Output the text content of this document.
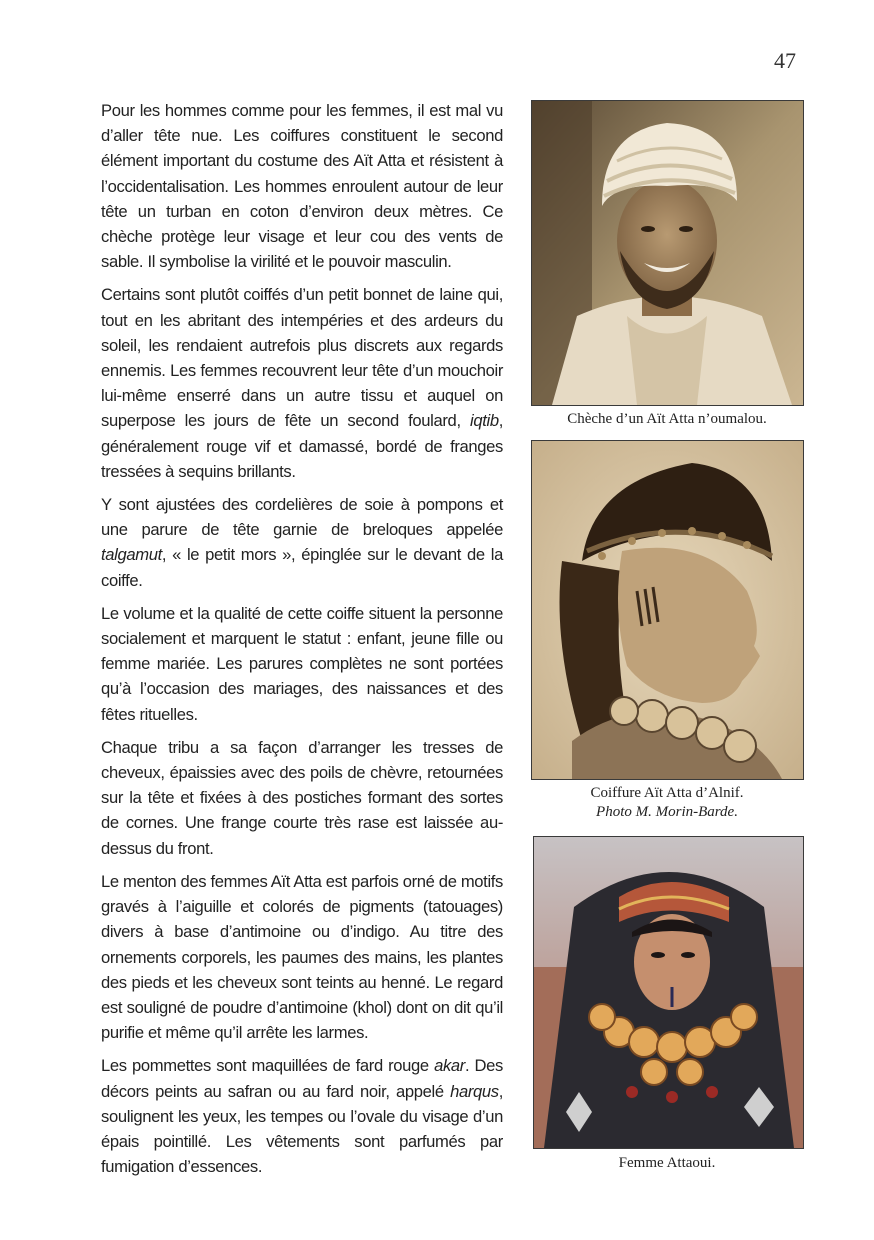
47

Pour les hommes comme pour les femmes, il est mal vu d’aller tête nue. Les coiffures constituent le second élément important du costume des Aït Atta et résistent à l’occidentalisation. Les hommes enroulent autour de leur tête un turban en coton d’environ deux mètres. Ce chèche protège leur visage et leur cou des vents de sable. Il symbolise la virilité et le pouvoir masculin.

Certains sont plutôt coiffés d’un petit bonnet de laine qui, tout en les abritant des intempéries et des ardeurs du soleil, les rendaient autrefois plus discrets aux regards ennemis. Les femmes recouvrent leur tête d’un mouchoir lui-même enserré dans un autre tissu et auquel on superpose les jours de fête un second foulard, iqtib, généralement rouge vif et damassé, bordé de franges tressées à sequins brillants.

Y sont ajustées des cordelières de soie à pompons et une parure de tête garnie de breloques appelée talgamut, « le petit mors », épinglée sur le devant de la coiffe.

Le volume et la qualité de cette coiffe situent la personne socialement et marquent le statut : enfant, jeune fille ou femme mariée. Les parures complètes ne sont portées qu’à l’occasion des mariages, des naissances et des fêtes rituelles.

Chaque tribu a sa façon d’arranger les tresses de cheveux, épaissies avec des poils de chèvre, retournées sur la tête et fixées à des postiches formant des sortes de cornes. Une frange courte très rase est laissée au-dessus du front.

Le menton des femmes Aït Atta est parfois orné de motifs gravés à l’aiguille et colorés de pigments (tatouages) divers à base d’antimoine ou d’indigo. Au titre des ornements corporels, les paumes des mains, les plantes des pieds et les cheveux sont teints au henné. Le regard est souligné de poudre d’antimoine (khol) dont on dit qu’il purifie et même qu’il arrête les larmes.

Les pommettes sont maquillées de fard rouge akar. Des décors peints au safran ou au fard noir, appelé harqus, soulignent les yeux, les tempes ou l’ovale du visage d’un épais pointillé. Les vêtements sont parfumés par fumigation d’essences.

Chèche d’un Aït Atta n’oumalou.
Coiffure Aït Atta d’Alnif.
Photo M. Morin-Barde.
Femme Attaoui.
